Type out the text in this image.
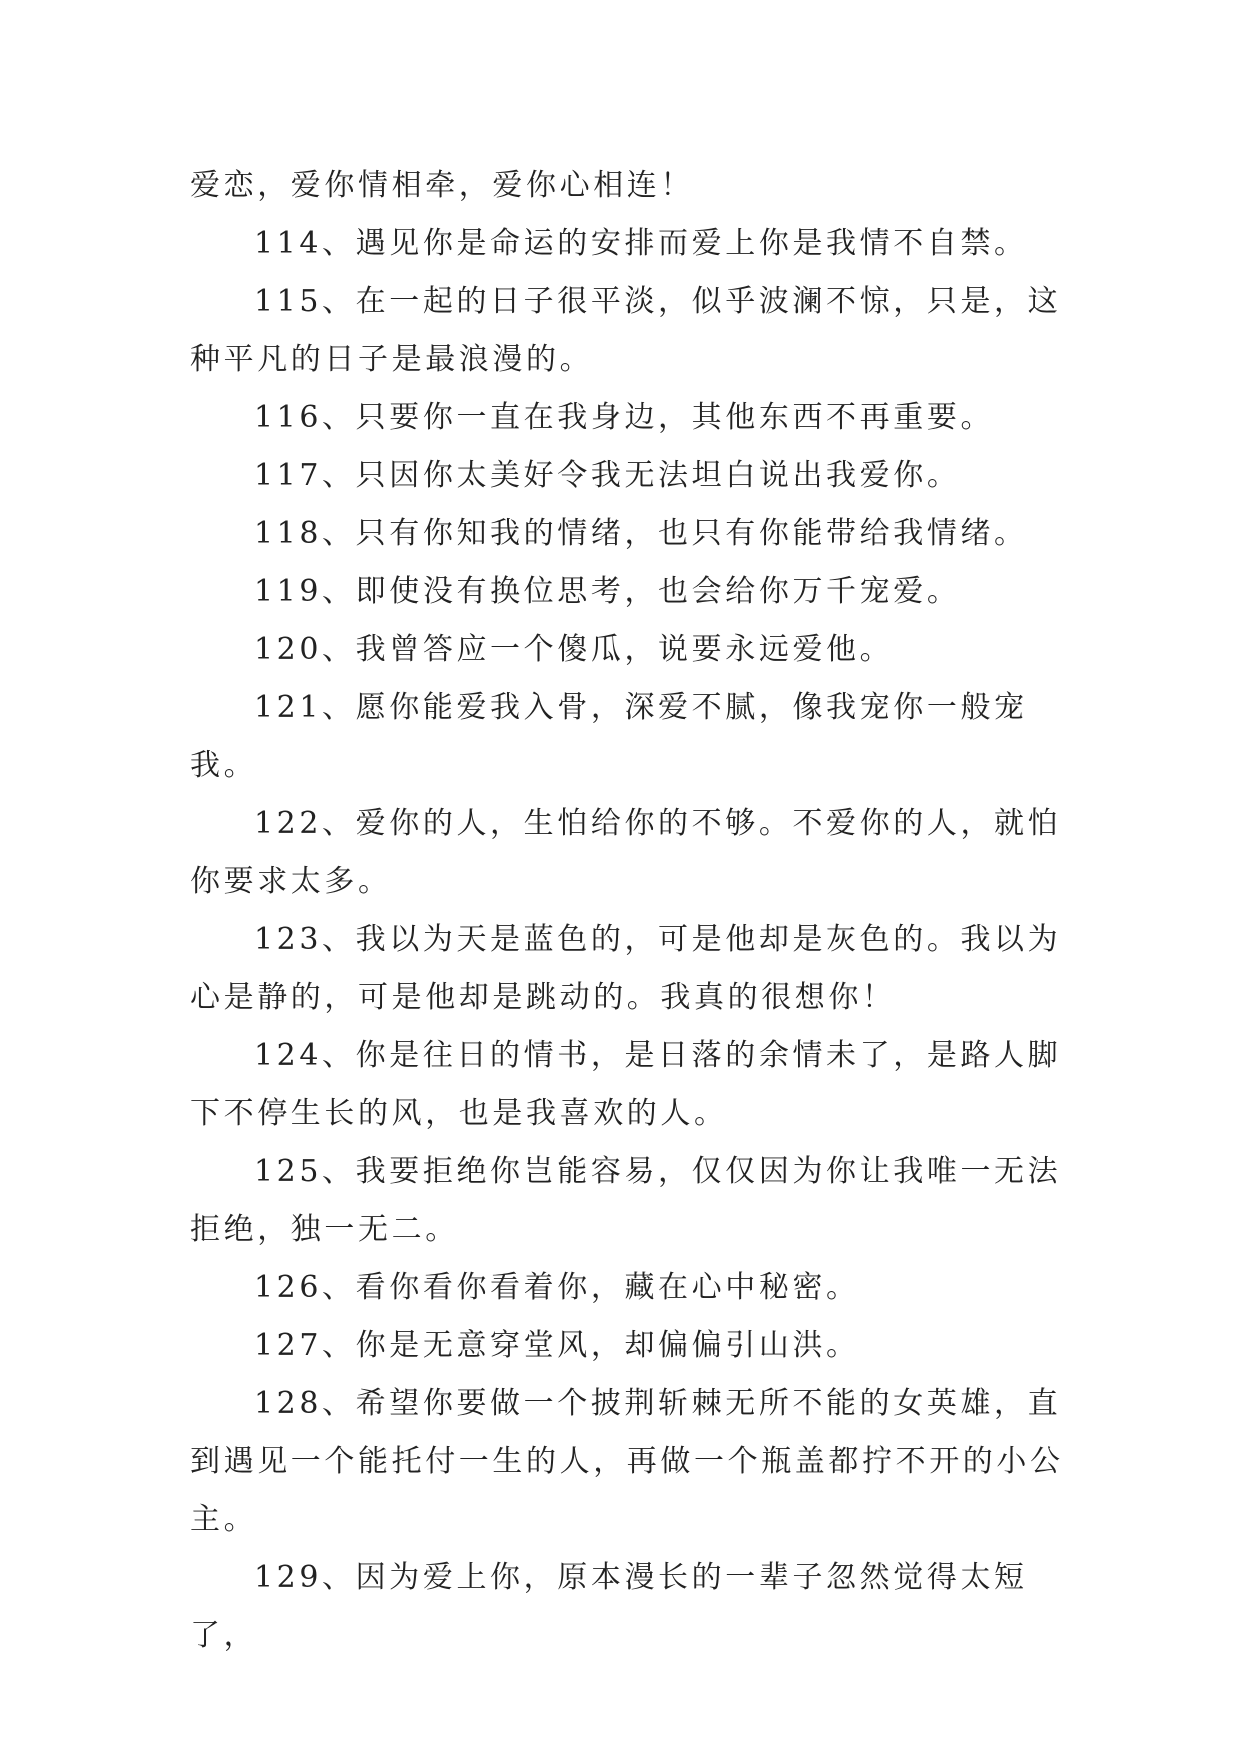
爱恋，爱你情相牵，爱你心相连！

114、遇见你是命运的安排而爱上你是我情不自禁。

115、在一起的日子很平淡，似乎波澜不惊，只是，这种平凡的日子是最浪漫的。

116、只要你一直在我身边，其他东西不再重要。

117、只因你太美好令我无法坦白说出我爱你。

118、只有你知我的情绪，也只有你能带给我情绪。

119、即使没有换位思考，也会给你万千宠爱。

120、我曾答应一个傻瓜，说要永远爱他。

121、愿你能爱我入骨，深爱不腻，像我宠你一般宠我。

122、爱你的人，生怕给你的不够。不爱你的人，就怕你要求太多。

123、我以为天是蓝色的，可是他却是灰色的。我以为心是静的，可是他却是跳动的。我真的很想你！

124、你是往日的情书，是日落的余情未了，是路人脚下不停生长的风，也是我喜欢的人。

125、我要拒绝你岂能容易，仅仅因为你让我唯一无法拒绝，独一无二。

126、看你看你看着你，藏在心中秘密。

127、你是无意穿堂风，却偏偏引山洪。

128、希望你要做一个披荆斩棘无所不能的女英雄，直到遇见一个能托付一生的人，再做一个瓶盖都拧不开的小公主。

129、因为爱上你，原本漫长的一辈子忽然觉得太短了，
